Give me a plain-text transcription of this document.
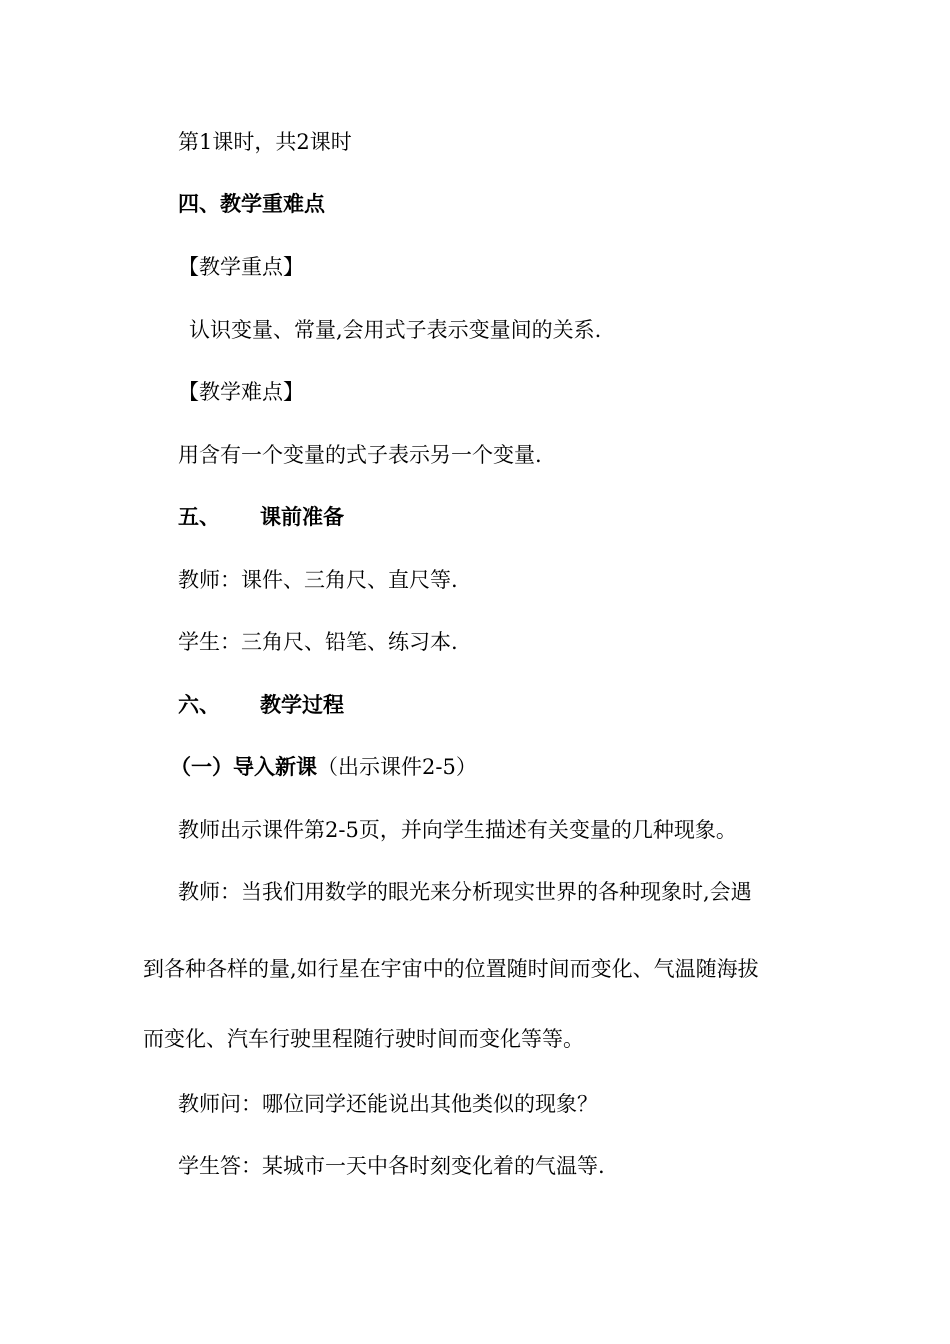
第1课时，共2课时
四、教学重难点
【教学重点】
认识变量、常量,会用式子表示变量间的关系.
【教学难点】
用含有一个变量的式子表示另一个变量.
五、 课前准备
教师：课件、三角尺、直尺等.
学生：三角尺、铅笔、练习本.
六、 教学过程
（一）导入新课（出示课件2-5）
教师出示课件第2-5页，并向学生描述有关变量的几种现象。
教师：当我们用数学的眼光来分析现实世界的各种现象时,会遇
到各种各样的量,如行星在宇宙中的位置随时间而变化、气温随海拔
而变化、汽车行驶里程随行驶时间而变化等等。
教师问：哪位同学还能说出其他类似的现象？
学生答：某城市一天中各时刻变化着的气温等.
